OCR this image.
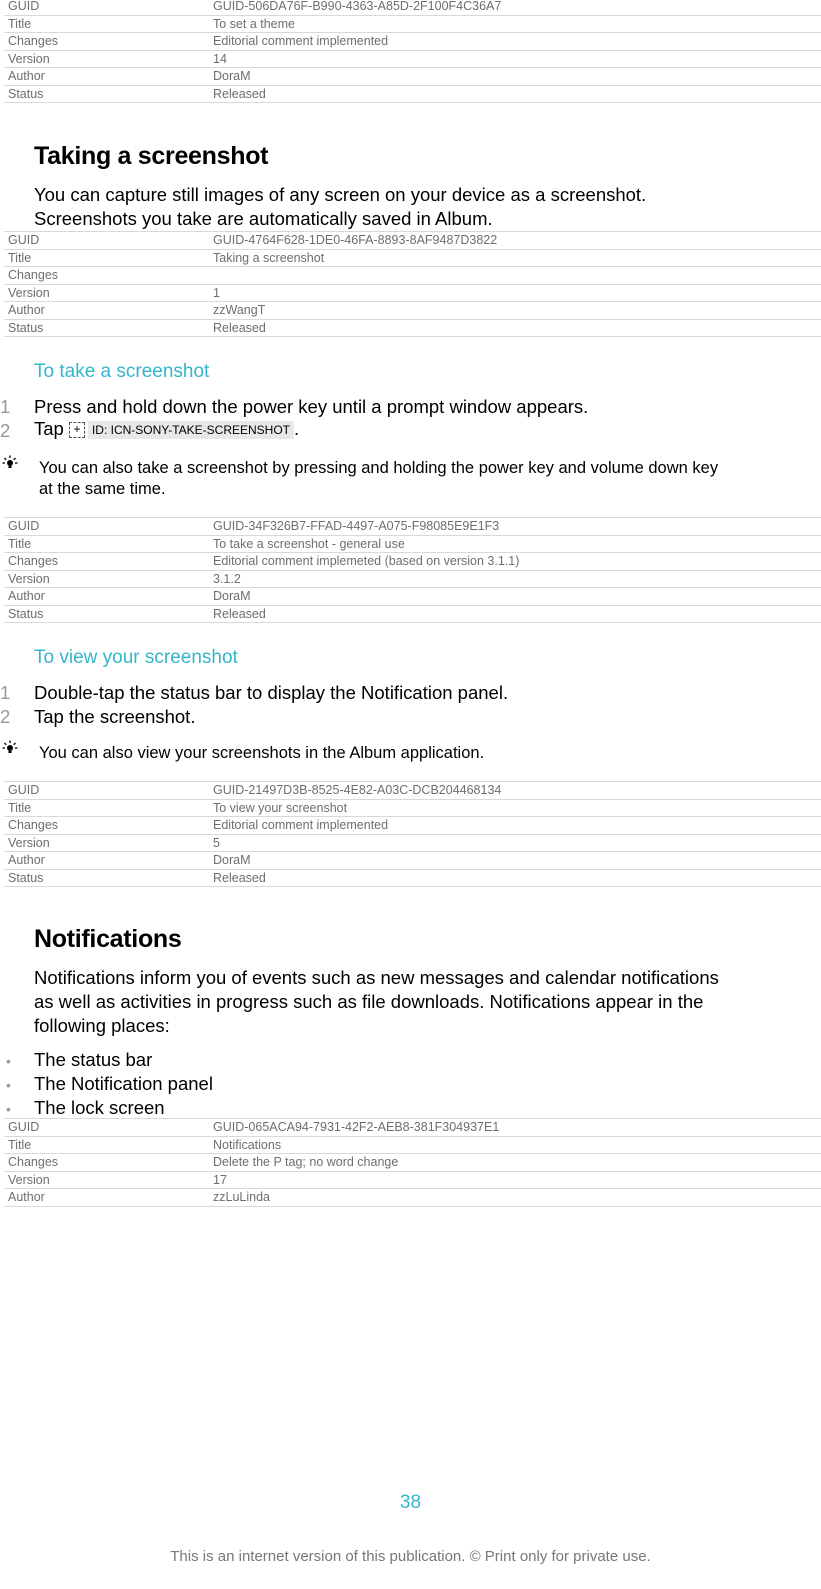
GUID	GUID-506DA76F-B990-4363-A85D-2F100F4C36A7
Title	To set a theme
Changes	Editorial comment implemented
Version	14
Author	DoraM
Status	Released
Taking a screenshot

You can capture still images of any screen on your device as a screenshot.

Screenshots you take are automatically saved in Album.

GUID	GUID-4764F628-1DE0-46FA-8893-8AF9487D3822
Title	Taking a screenshot
Changes	
Version	1
Author	zzWangT
Status	Released
To take a screenshot
1 Press and hold down the power key until a prompt window appears.
2 Tap + ID: ICN-SONY-TAKE-SCREENSHOT .

You can also take a screenshot by pressing and holding the power key and volume down key

at the same time.

GUID	GUID-34F326B7-FFAD-4497-A075-F98085E9E1F3
Title	To take a screenshot - general use
Changes	Editorial comment implemeted (based on version 3.1.1)
Version	3.1.2
Author	DoraM
Status	Released
To view your screenshot
1 Double-tap the status bar to display the Notification panel.
2 Tap the screenshot.

You can also view your screenshots in the Album application.

GUID	GUID-21497D3B-8525-4E82-A03C-DCB204468134
Title	To view your screenshot
Changes	Editorial comment implemented
Version	5
Author	DoraM
Status	Released
Notifications

Notifications inform you of events such as new messages and calendar notifications

as well as activities in progress such as file downloads. Notifications appear in the

following places:

• The status bar
• The Notification panel
• The lock screen
GUID	GUID-065ACA94-7931-42F2-AEB8-381F304937E1
Title	Notifications
Changes	Delete the P tag; no word change
Version	17
Author	zzLuLinda
38
This is an internet version of this publication. © Print only for private use.
